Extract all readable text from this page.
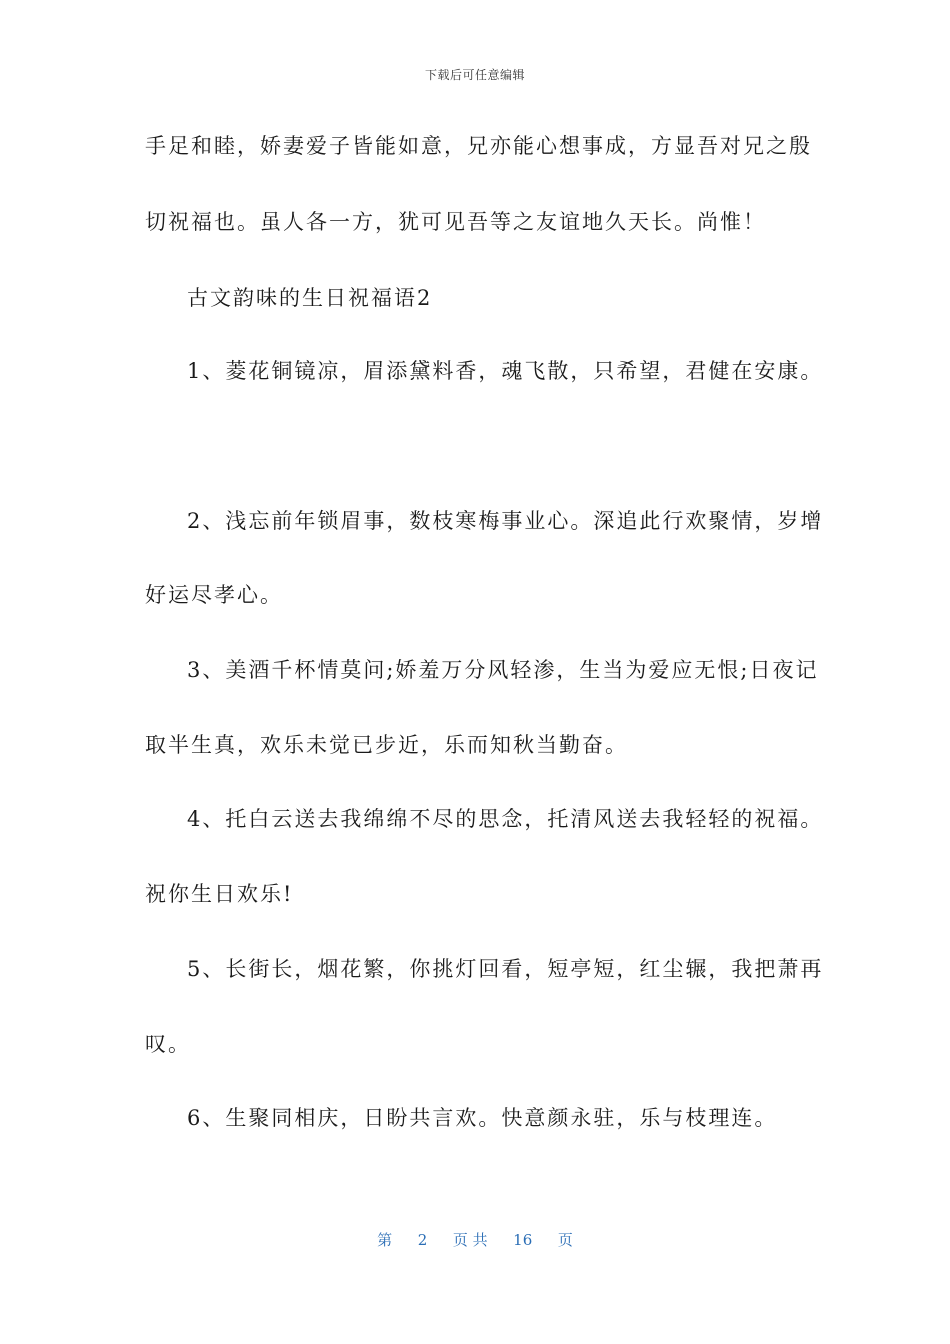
下载后可任意编辑
手足和睦，娇妻爱子皆能如意，兄亦能心想事成，方显吾对兄之殷
切祝福也。虽人各一方，犹可见吾等之友谊地久天长。尚惟！
古文韵味的生日祝福语2
1、菱花铜镜凉，眉添黛料香，魂飞散，只希望，君健在安康。
2、浅忘前年锁眉事，数枝寒梅事业心。深追此行欢聚情，岁增
好运尽孝心。
3、美酒千杯情莫问;娇羞万分风轻渗，生当为爱应无恨;日夜记
取半生真，欢乐未觉已步近，乐而知秋当勤奋。
4、托白云送去我绵绵不尽的思念，托清风送去我轻轻的祝福。
祝你生日欢乐!
5、长街长，烟花繁，你挑灯回看，短亭短，红尘辗，我把萧再
叹。
6、生聚同相庆，日盼共言欢。快意颜永驻，乐与枝理连。
第 2 页 共 16 页
